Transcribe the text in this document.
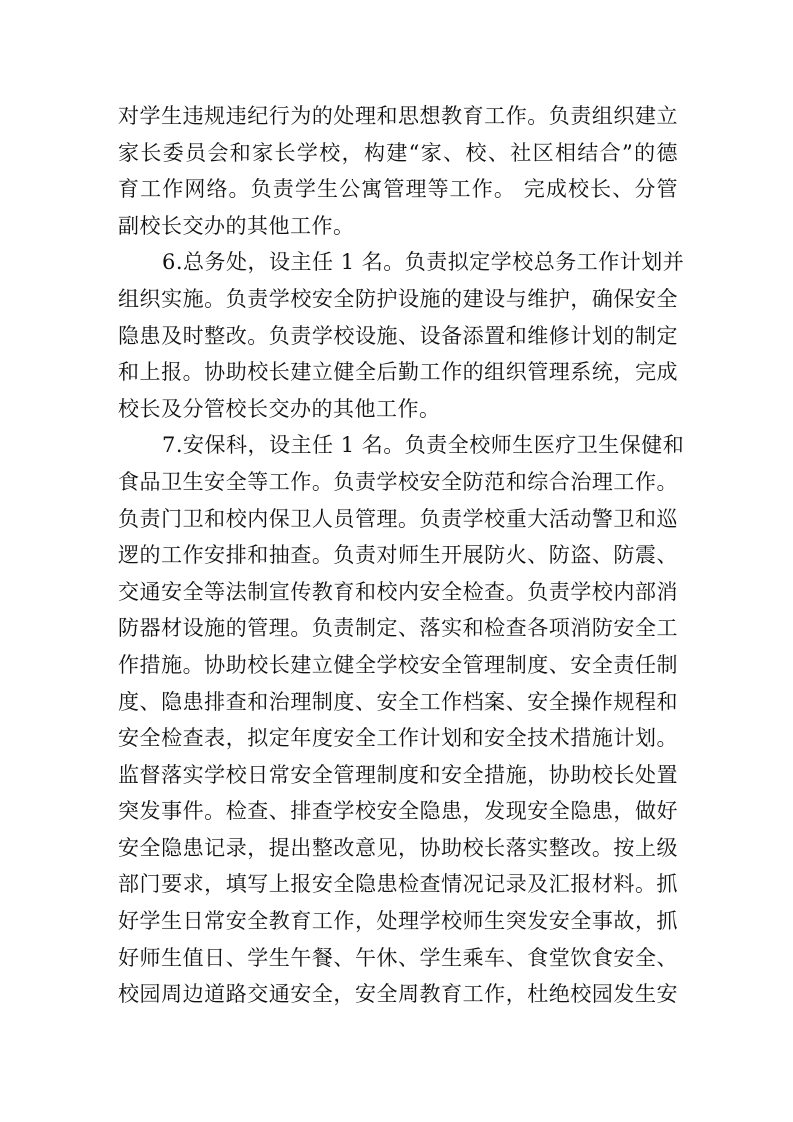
对学生违规违纪行为的处理和思想教育工作。负责组织建立
家长委员会和家长学校，构建“家、校、社区相结合”的德
育工作网络。负责学生公寓管理等工作。 完成校长、分管
副校长交办的其他工作。
6.总务处，设主任 1 名。负责拟定学校总务工作计划并
组织实施。负责学校安全防护设施的建设与维护，确保安全
隐患及时整改。负责学校设施、设备添置和维修计划的制定
和上报。协助校长建立健全后勤工作的组织管理系统，完成
校长及分管校长交办的其他工作。
7.安保科，设主任 1 名。负责全校师生医疗卫生保健和
食品卫生安全等工作。负责学校安全防范和综合治理工作。
负责门卫和校内保卫人员管理。负责学校重大活动警卫和巡
逻的工作安排和抽查。负责对师生开展防火、防盗、防震、
交通安全等法制宣传教育和校内安全检查。负责学校内部消
防器材设施的管理。负责制定、落实和检查各项消防安全工
作措施。协助校长建立健全学校安全管理制度、安全责任制
度、隐患排查和治理制度、安全工作档案、安全操作规程和
安全检查表，拟定年度安全工作计划和安全技术措施计划。
监督落实学校日常安全管理制度和安全措施，协助校长处置
突发事件。检查、排查学校安全隐患，发现安全隐患，做好
安全隐患记录，提出整改意见，协助校长落实整改。按上级
部门要求，填写上报安全隐患检查情况记录及汇报材料。抓
好学生日常安全教育工作，处理学校师生突发安全事故，抓
好师生值日、学生午餐、午休、学生乘车、食堂饮食安全、
校园周边道路交通安全，安全周教育工作，杜绝校园发生安
